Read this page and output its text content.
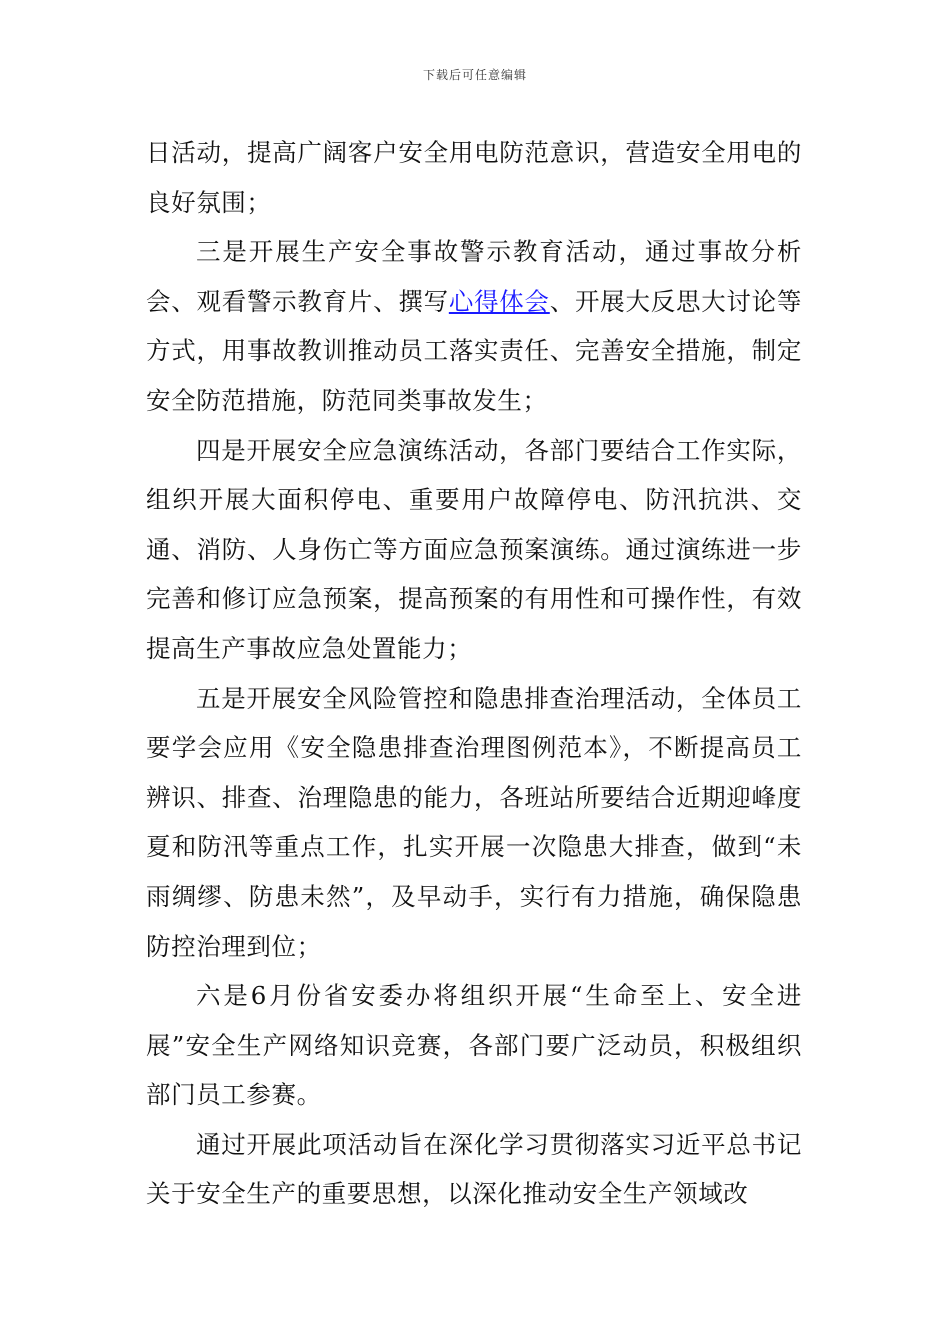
下载后可任意编辑

日活动，提高广阔客户安全用电防范意识，营造安全用电的良好氛围；

三是开展生产安全事故警示教育活动，通过事故分析会、观看警示教育片、撰写心得体会、开展大反思大讨论等方式，用事故教训推动员工落实责任、完善安全措施，制定安全防范措施，防范同类事故发生；

四是开展安全应急演练活动，各部门要结合工作实际，组织开展大面积停电、重要用户故障停电、防汛抗洪、交通、消防、人身伤亡等方面应急预案演练。通过演练进一步完善和修订应急预案，提高预案的有用性和可操作性，有效提高生产事故应急处置能力；

五是开展安全风险管控和隐患排查治理活动，全体员工要学会应用《安全隐患排查治理图例范本》，不断提高员工辨识、排查、治理隐患的能力，各班站所要结合近期迎峰度夏和防汛等重点工作，扎实开展一次隐患大排查，做到“未雨绸缪、防患未然”，及早动手，实行有力措施，确保隐患防控治理到位；

六是6月份省安委办将组织开展“生命至上、安全进展”安全生产网络知识竞赛，各部门要广泛动员，积极组织部门员工参赛。

通过开展此项活动旨在深化学习贯彻落实习近平总书记关于安全生产的重要思想，以深化推动安全生产领域改
